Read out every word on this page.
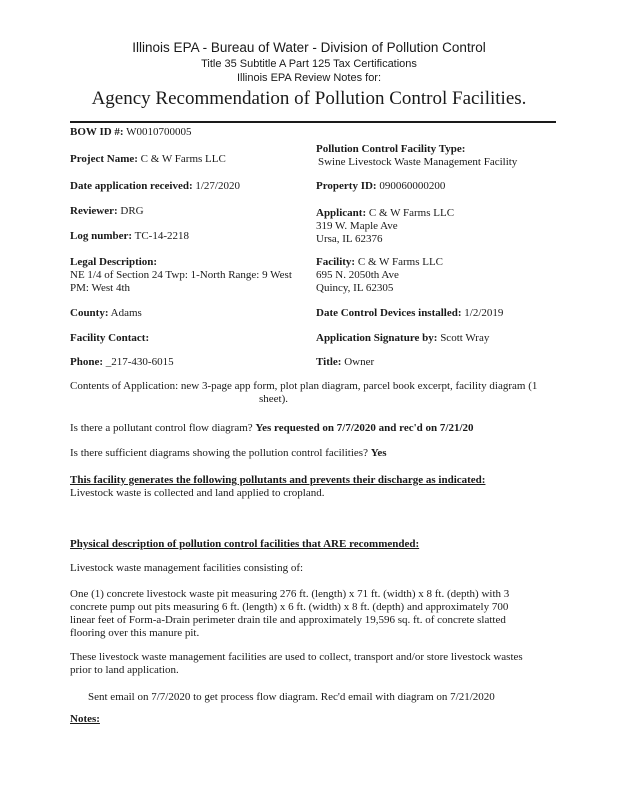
Illinois EPA - Bureau of Water - Division of Pollution Control
Title 35 Subtitle A Part 125 Tax Certifications
Illinois EPA Review Notes for:
Agency Recommendation of Pollution Control Facilities.
BOW ID #: W0010700005
Project Name: C & W Farms LLC
Date application received: 1/27/2020
Reviewer: DRG
Log number: TC-14-2218
Legal Description:
NE 1/4 of Section 24 Twp: 1-North Range: 9 West
PM: West 4th
County: Adams
Facility Contact:
Phone: _217-430-6015
Pollution Control Facility Type:
Swine Livestock Waste Management Facility
Property ID: 090060000200
Applicant: C & W Farms LLC
319 W. Maple Ave
Ursa, IL 62376
Facility: C & W Farms LLC
695 N. 2050th Ave
Quincy, IL 62305
Date Control Devices installed: 1/2/2019
Application Signature by: Scott Wray
Title: Owner
Contents of Application: new 3-page app form, plot plan diagram, parcel book excerpt, facility diagram (1
sheet).
Is there a pollutant control flow diagram? Yes requested on 7/7/2020 and rec'd on 7/21/20
Is there sufficient diagrams showing the pollution control facilities? Yes
This facility generates the following pollutants and prevents their discharge as indicated:
Livestock waste is collected and land applied to cropland.
Physical description of pollution control facilities that ARE recommended:
Livestock waste management facilities consisting of:
One (1) concrete livestock waste pit measuring 276 ft. (length) x 71 ft. (width) x 8 ft. (depth) with 3
concrete pump out pits measuring 6 ft. (length) x 6 ft. (width) x 8 ft. (depth) and approximately 700
linear feet of Form-a-Drain perimeter drain tile and approximately 19,596 sq. ft. of concrete slatted
flooring over this manure pit.
These livestock waste management facilities are used to collect, transport and/or store livestock wastes
prior to land application.
Sent email on 7/7/2020 to get process flow diagram. Rec'd email with diagram on 7/21/2020
Notes:
